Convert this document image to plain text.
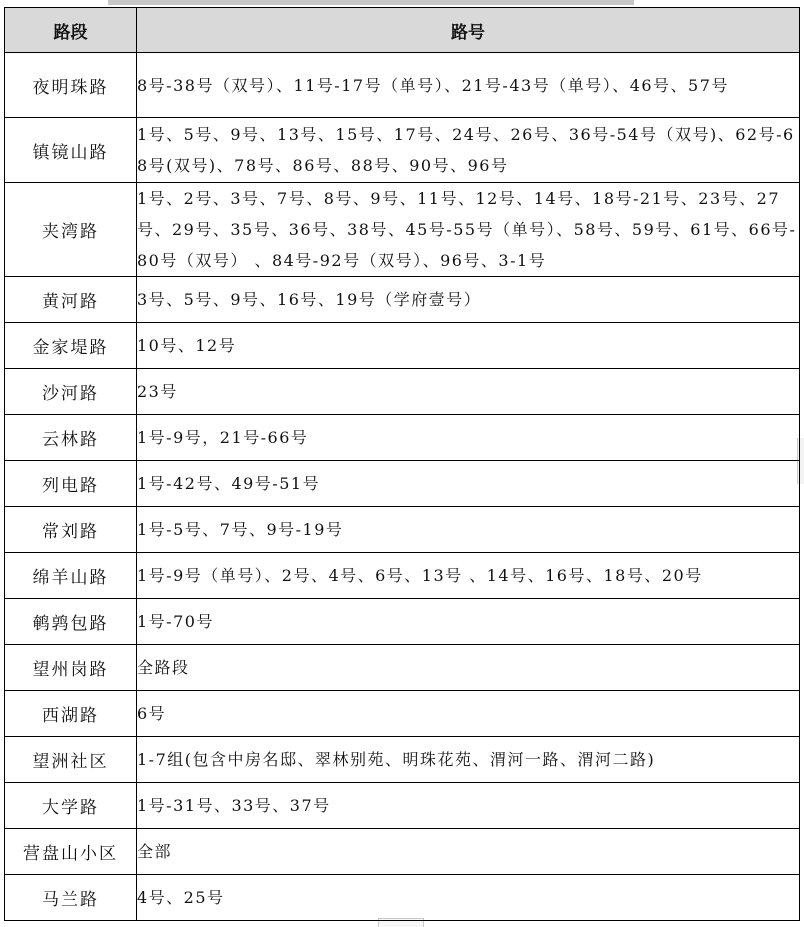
路段	路号
夜明珠路	8号-38号（双号）、11号-17号（单号）、21号-43号（单号）、46号、57号
镇镜山路	1号、5号、9号、13号、15号、17号、24号、26号、36号-54号（双号)、62号-68号(双号)、78号、86号、88号、90号、96号
夹湾路	1号、2号、3号、7号、8号、9号、11号、12号、14号、18号-21号、23号、27号、29号、35号、36号、38号、45号-55号（单号）、58号、59号、61号、66号-80号（双号） 、84号-92号（双号）、96号、3-1号
黄河路	3号、5号、9号、16号、19号（学府壹号）
金家堤路	10号、12号
沙河路	23号
云林路	1号-9号，21号-66号
列电路	1号-42号、49号-51号
常刘路	1号-5号、7号、9号-19号
绵羊山路	1号-9号（单号）、2号、4号、6号、13号 、14号、16号、18号、20号
鹌鹑包路	1号-70号
望州岗路	全路段
西湖路	6号
望洲社区	1-7组(包含中房名邸、翠林别苑、明珠花苑、渭河一路、渭河二路)
大学路	1号-31号、33号、37号
营盘山小区	全部
马兰路	4号、25号
